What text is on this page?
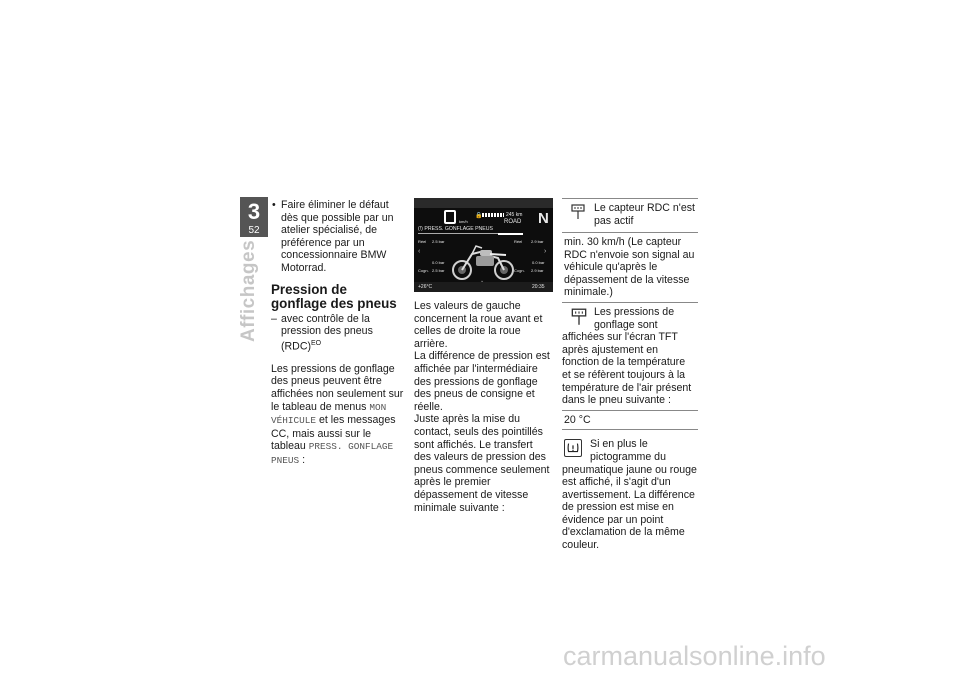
3
52
Affichages
• Faire éliminer le défaut dès que possible par un atelier spécialisé, de préférence par un concessionnaire BMW Motorrad.
Pression de gonflage des pneus
– avec contrôle de la pression des pneus (RDC)$^{EO}$
Les pressions de gonflage des pneus peuvent être affichées non seulement sur le tableau de menus MON VÉHICULE et les messages CC, mais aussi sur le tableau PRESS. GONFLAGE PNEUS :
km/h
🔒	245 km
ROAD N
(!) PRESS. GONFLAGE PNEUS
Réel 2.5 bar	Réel 2.9 bar
‹	›
0.0 bar	0.0 bar
Cogn. 2.5 bar	Cogn. 2.9 bar
+26°C
⌄
20:35
Les valeurs de gauche concernent la roue avant et celles de droite la roue arrière.
La différence de pression est affichée par l'intermédiaire des pressions de gonflage des pneus de consigne et réelle.
Juste après la mise du contact, seuls des pointillés sont affichés. Le transfert des valeurs de pression des pneus commence seulement après le premier dépassement de vitesse minimale suivante :
Le capteur RDC n'est pas actif
min. 30 km/h (Le capteur RDC n'envoie son signal au véhicule qu'après le dépassement de la vitesse minimale.)
Les pressions de gonflage sont affichées sur l'écran TFT après ajustement en fonction de la température et se réfèrent toujours à la température de l'air présent dans le pneu suivante :
20 °C
Si en plus le pictogramme du pneumatique jaune ou rouge est affiché, il s'agit d'un avertissement. La différence de pression est mise en évidence par un point d'exclamation de la même couleur.
carmanualsonline.info
